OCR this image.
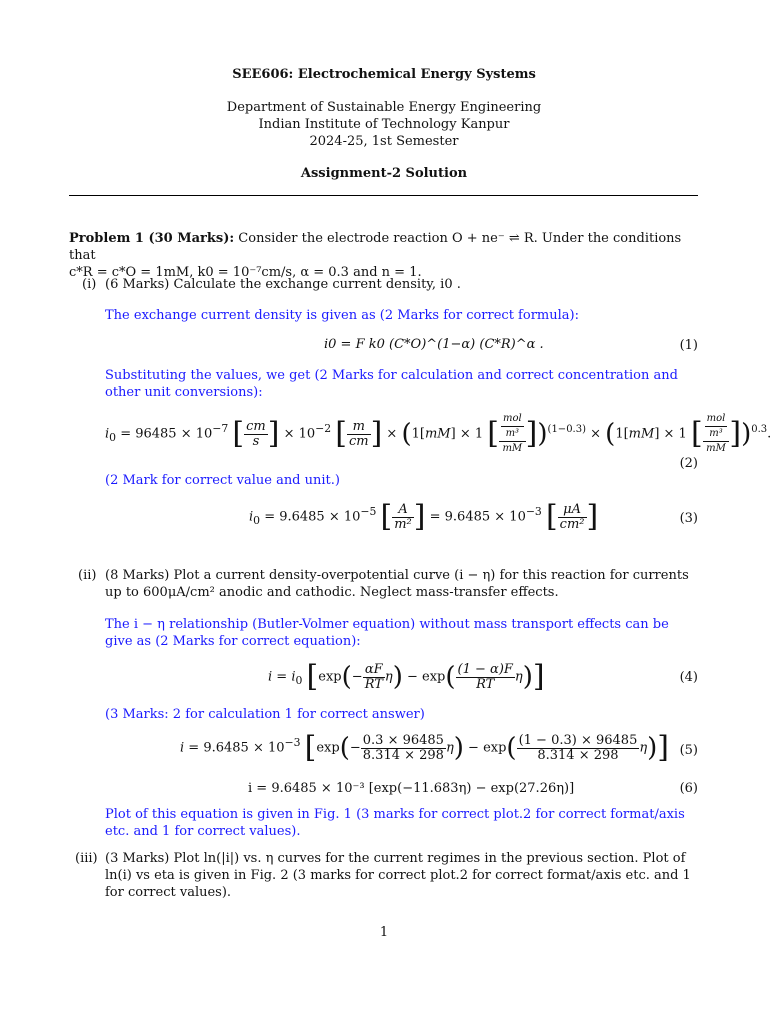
SEE606: Electrochemical Energy Systems
Department of Sustainable Energy Engineering
Indian Institute of Technology Kanpur
2024-25, 1st Semester
Assignment-2 Solution
Problem 1 (30 Marks): Consider the electrode reaction O + ne⁻ ⇌ R. Under the conditions that
c*R = c*O = 1mM, k0 = 10⁻⁷cm/s, α = 0.3 and n = 1.
(i) (6 Marks) Calculate the exchange current density, i0 .
The exchange current density is given as (2 Marks for correct formula):
i0 = F k0 (C*O)^(1−α) (C*R)^α .	(1)
Substituting the values, we get (2 Marks for calculation and correct concentration and other unit conversions):
$i_0 = 96485 \times 10^{-7}$ [ $\frac{cm}{s}$ ] × $10^{-2}$ [ $\frac{m}{cm}$ ] × (1[mM] × 1 [ $\frac{\frac{\text{mol}}{\text{m³}}}{mM} ])^{(1-0.3)} \times (1[mM] \times 1$ [ $\frac{\frac{\text{mol}}{\text{m³}}}{mM} ])^{0.3}$.
(2)
(2 Mark for correct value and unit.)
$i_0 = 9.6485 \times 10^{-5}$ [ $\frac{A}{\text{m²}}$ ] = $9.6485 \times 10^{-3}$ [ $\frac{\mu A}{\text{cm²}}$ ]	(3)
(ii) (8 Marks) Plot a current density-overpotential curve (i − η) for this reaction for currents up to 600μA/cm² anodic and cathodic. Neglect mass-transfer effects.
The i − η relationship (Butler-Volmer equation) without mass transport effects can be give as (2 Marks for correct equation):
$i = i_0$ $[\exp(- \frac{\alpha F}{RT} \eta) - \exp( \frac{(1 - \alpha)F}{RT} \eta)]$	(4)
(3 Marks: 2 for calculation 1 for correct answer)
$i = 9.6485 \times 10^{-3}$ $[\exp(- \frac{0.3 \times 96485}{8.314 \times 298} \eta) - \exp( \frac{(1 - 0.3) \times 96485}{8.314 \times 298} \eta)]$ (5)
i = 9.6485 × 10⁻³ [exp(−11.683η) − exp(27.26η)]	(6)
Plot of this equation is given in Fig. 1 (3 marks for correct plot.2 for correct format/axis etc. and 1 for correct values).
(iii) (3 Marks) Plot ln(|i|) vs. η curves for the current regimes in the previous section. Plot of ln(i) vs eta is given in Fig. 2 (3 marks for correct plot.2 for correct format/axis etc. and 1 for correct values).
1
